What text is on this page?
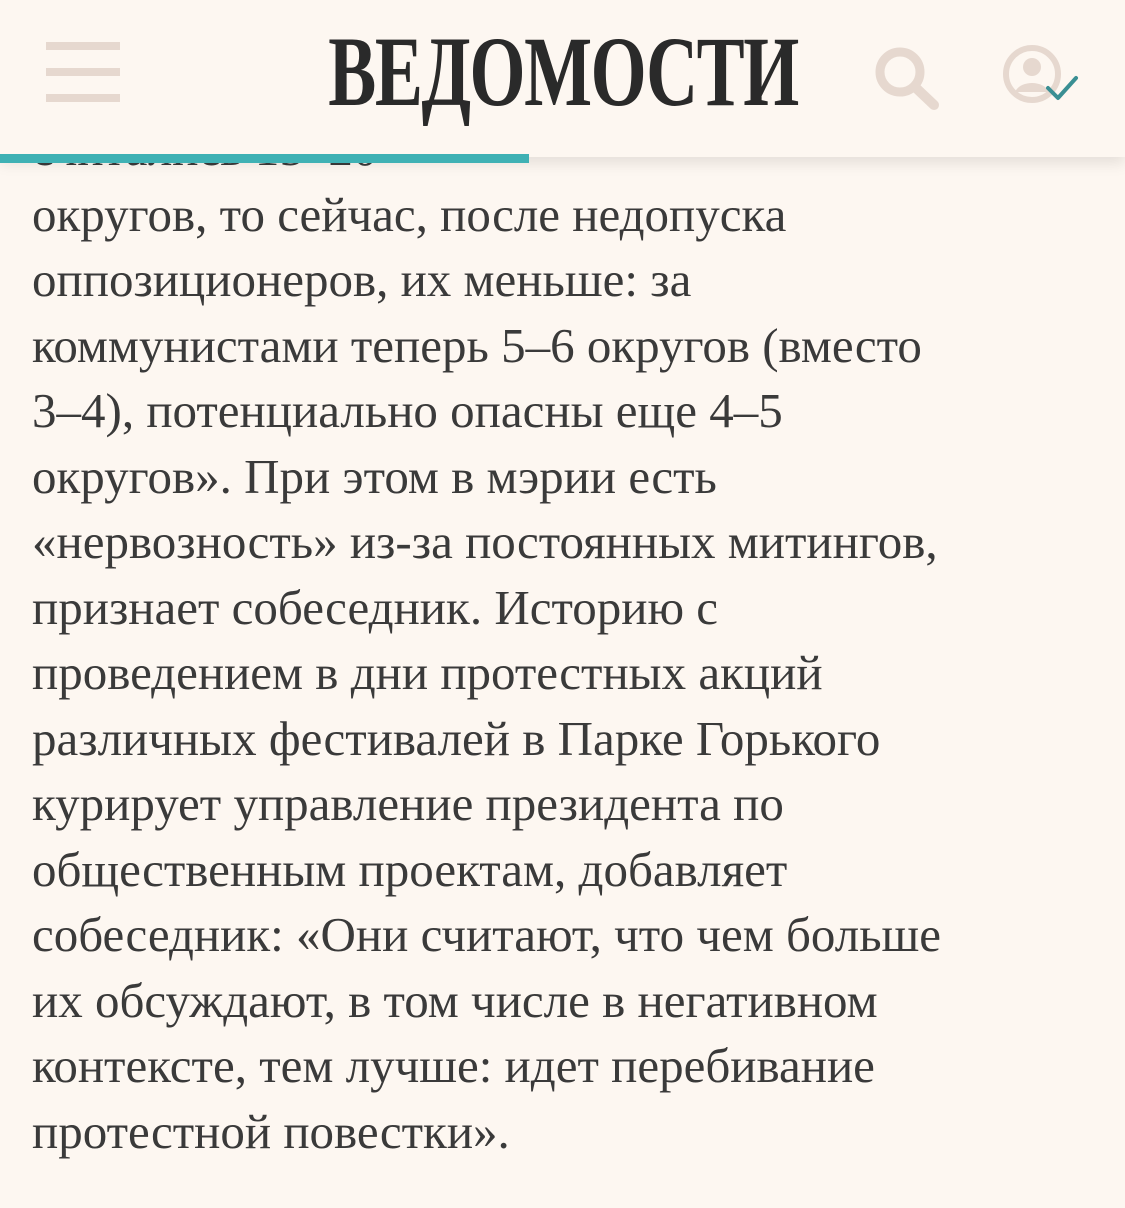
округов, то сейчас, после недопуска
оппозиционеров, их меньше: за
коммунистами теперь 5–6 округов (вместо
3–4), потенциально опасны еще 4–5
округов». При этом в мэрии есть
«нервозность» из-за постоянных митингов,
признает собеседник. Историю с
проведением в дни протестных акций
различных фестивалей в Парке Горького
курирует управление президента по
общественным проектам, добавляет
собеседник: «Они считают, что чем больше
их обсуждают, в том числе в негативном
контексте, тем лучше: идет перебивание
протестной повестки».

ВЕДОМОСТИ
